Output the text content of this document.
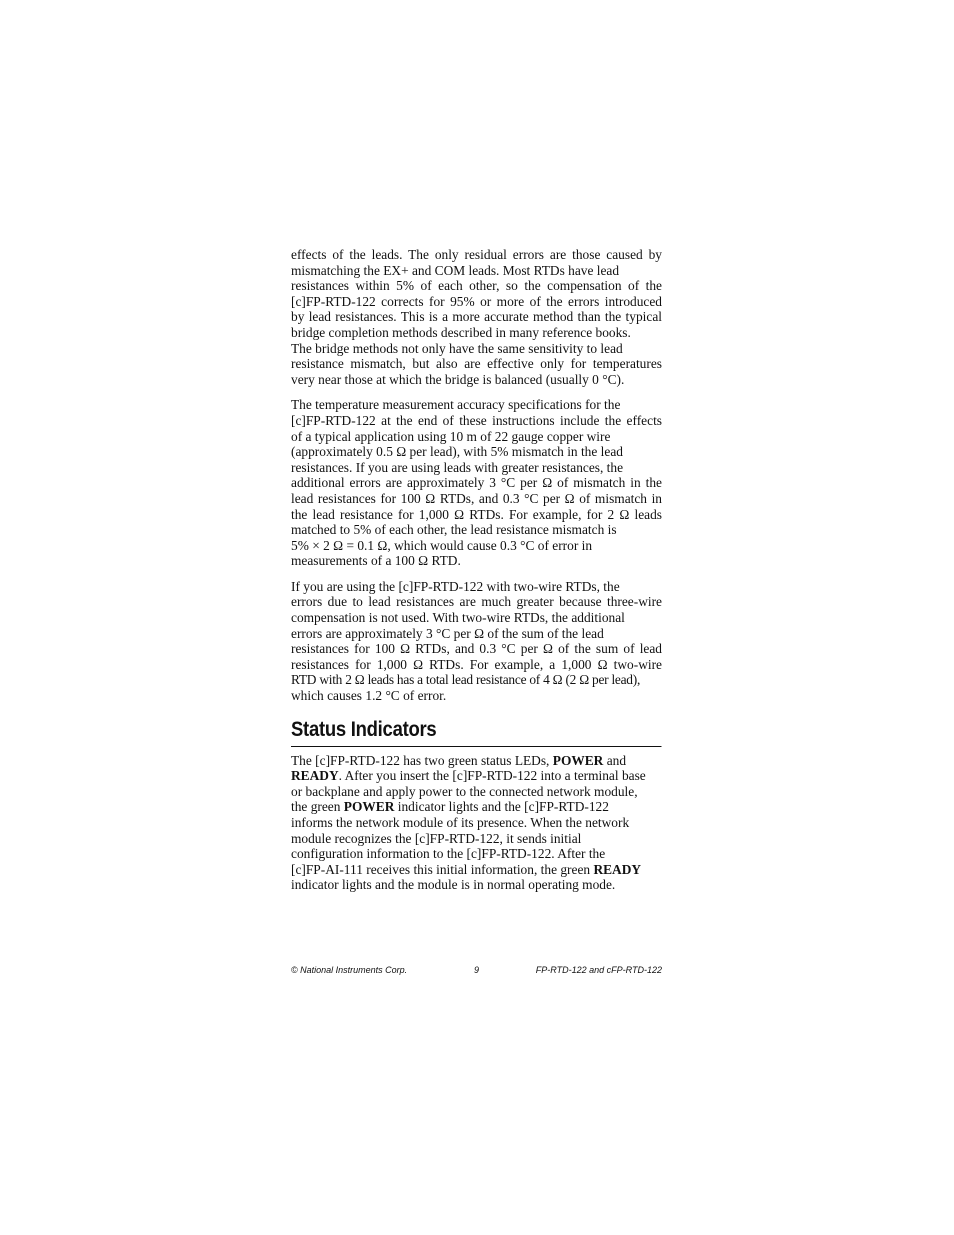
effects of the leads. The only residual errors are those caused by
mismatching the EX+ and COM leads. Most RTDs have lead
resistances within 5% of each other, so the compensation of the
[c]FP-RTD-122 corrects for 95% or more of the errors introduced
by lead resistances. This is a more accurate method than the typical
bridge completion methods described in many reference books.
The bridge methods not only have the same sensitivity to lead
resistance mismatch, but also are effective only for temperatures
very near those at which the bridge is balanced (usually 0 °C).

The temperature measurement accuracy specifications for the
[c]FP-RTD-122 at the end of these instructions include the effects
of a typical application using 10 m of 22 gauge copper wire
(approximately 0.5 Ω per lead), with 5% mismatch in the lead
resistances. If you are using leads with greater resistances, the
additional errors are approximately 3 °C per Ω of mismatch in the
lead resistances for 100 Ω RTDs, and 0.3 °C per Ω of mismatch in
the lead resistance for 1,000 Ω RTDs. For example, for 2 Ω leads
matched to 5% of each other, the lead resistance mismatch is
5% × 2 Ω = 0.1 Ω, which would cause 0.3 °C of error in
measurements of a 100 Ω RTD.

If you are using the [c]FP-RTD-122 with two-wire RTDs, the
errors due to lead resistances are much greater because three-wire
compensation is not used. With two-wire RTDs, the additional
errors are approximately 3 °C per Ω of the sum of the lead
resistances for 100 Ω RTDs, and 0.3 °C per Ω of the sum of lead
resistances for 1,000 Ω RTDs. For example, a 1,000 Ω two-wire
RTD with 2 Ω leads has a total lead resistance of 4 Ω (2 Ω per lead),
which causes 1.2 °C of error.

Status Indicators

The [c]FP-RTD-122 has two green status LEDs, POWER and
READY. After you insert the [c]FP-RTD-122 into a terminal base
or backplane and apply power to the connected network module,
the green POWER indicator lights and the [c]FP-RTD-122
informs the network module of its presence. When the network
module recognizes the [c]FP-RTD-122, it sends initial
configuration information to the [c]FP-RTD-122. After the
[c]FP-AI-111 receives this initial information, the green READY
indicator lights and the module is in normal operating mode.

© National Instruments Corp.	9	FP-RTD-122 and cFP-RTD-122
